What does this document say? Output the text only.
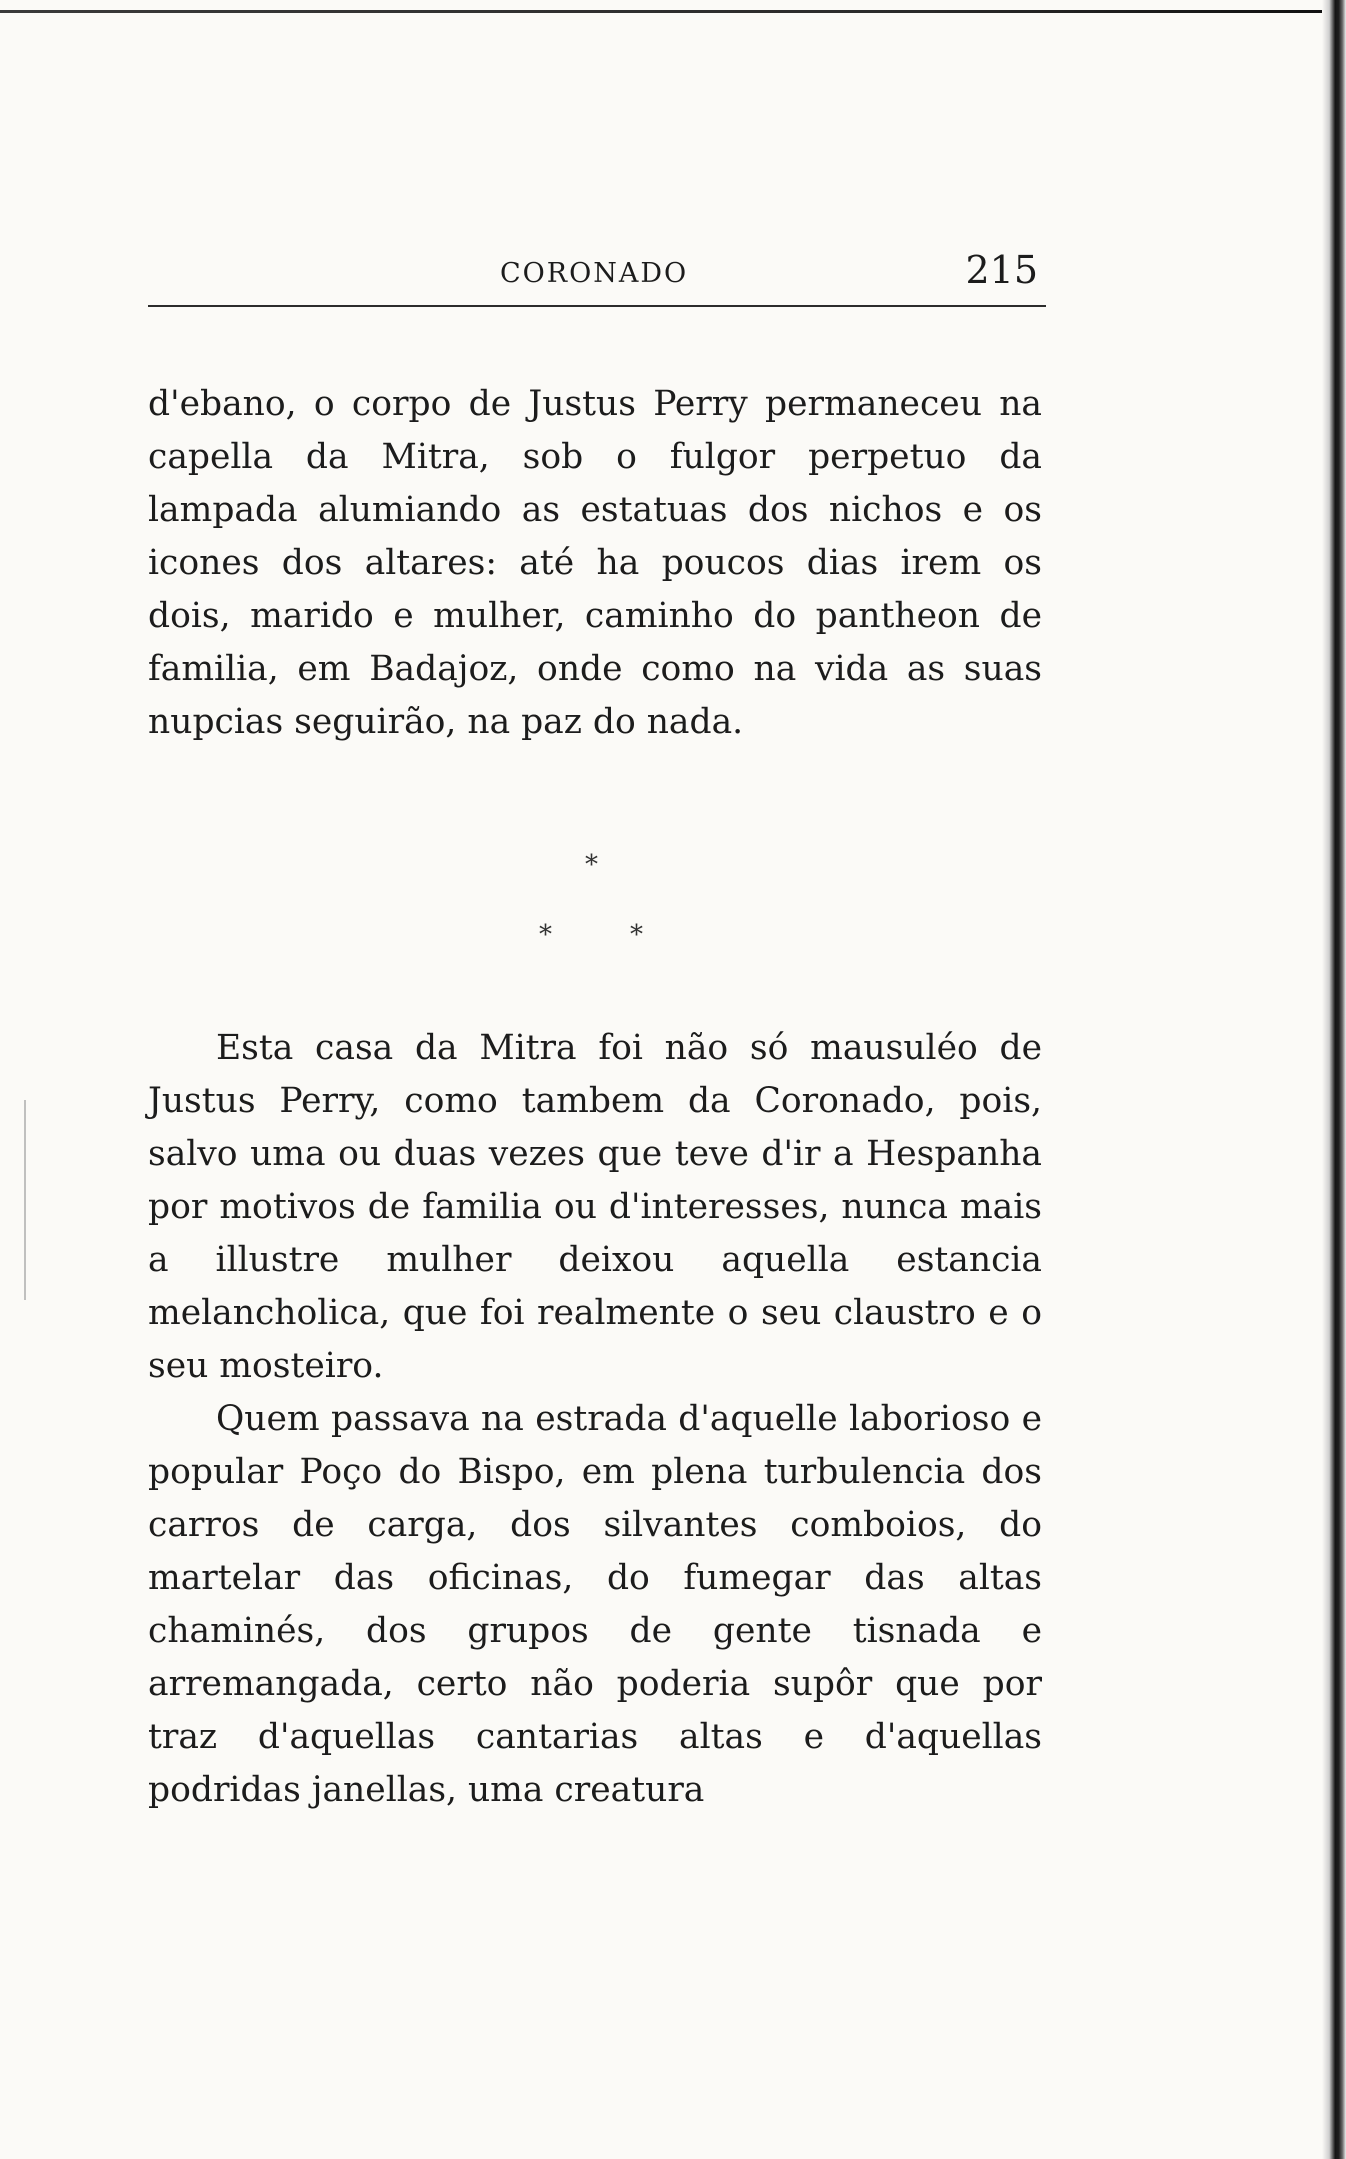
CORONADO	215

d'ebano, o corpo de Justus Perry permaneceu na capella da Mitra, sob o fulgor perpetuo da lampada alumiando as estatuas dos nichos e os icones dos altares: até ha poucos dias irem os dois, marido e mulher, caminho do pantheon de familia, em Badajoz, onde como na vida as suas nupcias seguirão, na paz do nada.

*
*	*

Esta casa da Mitra foi não só mausuléo de Justus Perry, como tambem da Coronado, pois, salvo uma ou duas vezes que teve d'ir a Hespanha por motivos de familia ou d'interesses, nunca mais a illustre mulher deixou aquella estancia melancholica, que foi realmente o seu claustro e o seu mosteiro.

Quem passava na estrada d'aquelle laborioso e popular Poço do Bispo, em plena turbulencia dos carros de carga, dos silvantes comboios, do martelar das oficinas, do fumegar das altas chaminés, dos grupos de gente tisnada e arremangada, certo não poderia supôr que por traz d'aquellas cantarias altas e d'aquellas podridas janellas, uma creatura
